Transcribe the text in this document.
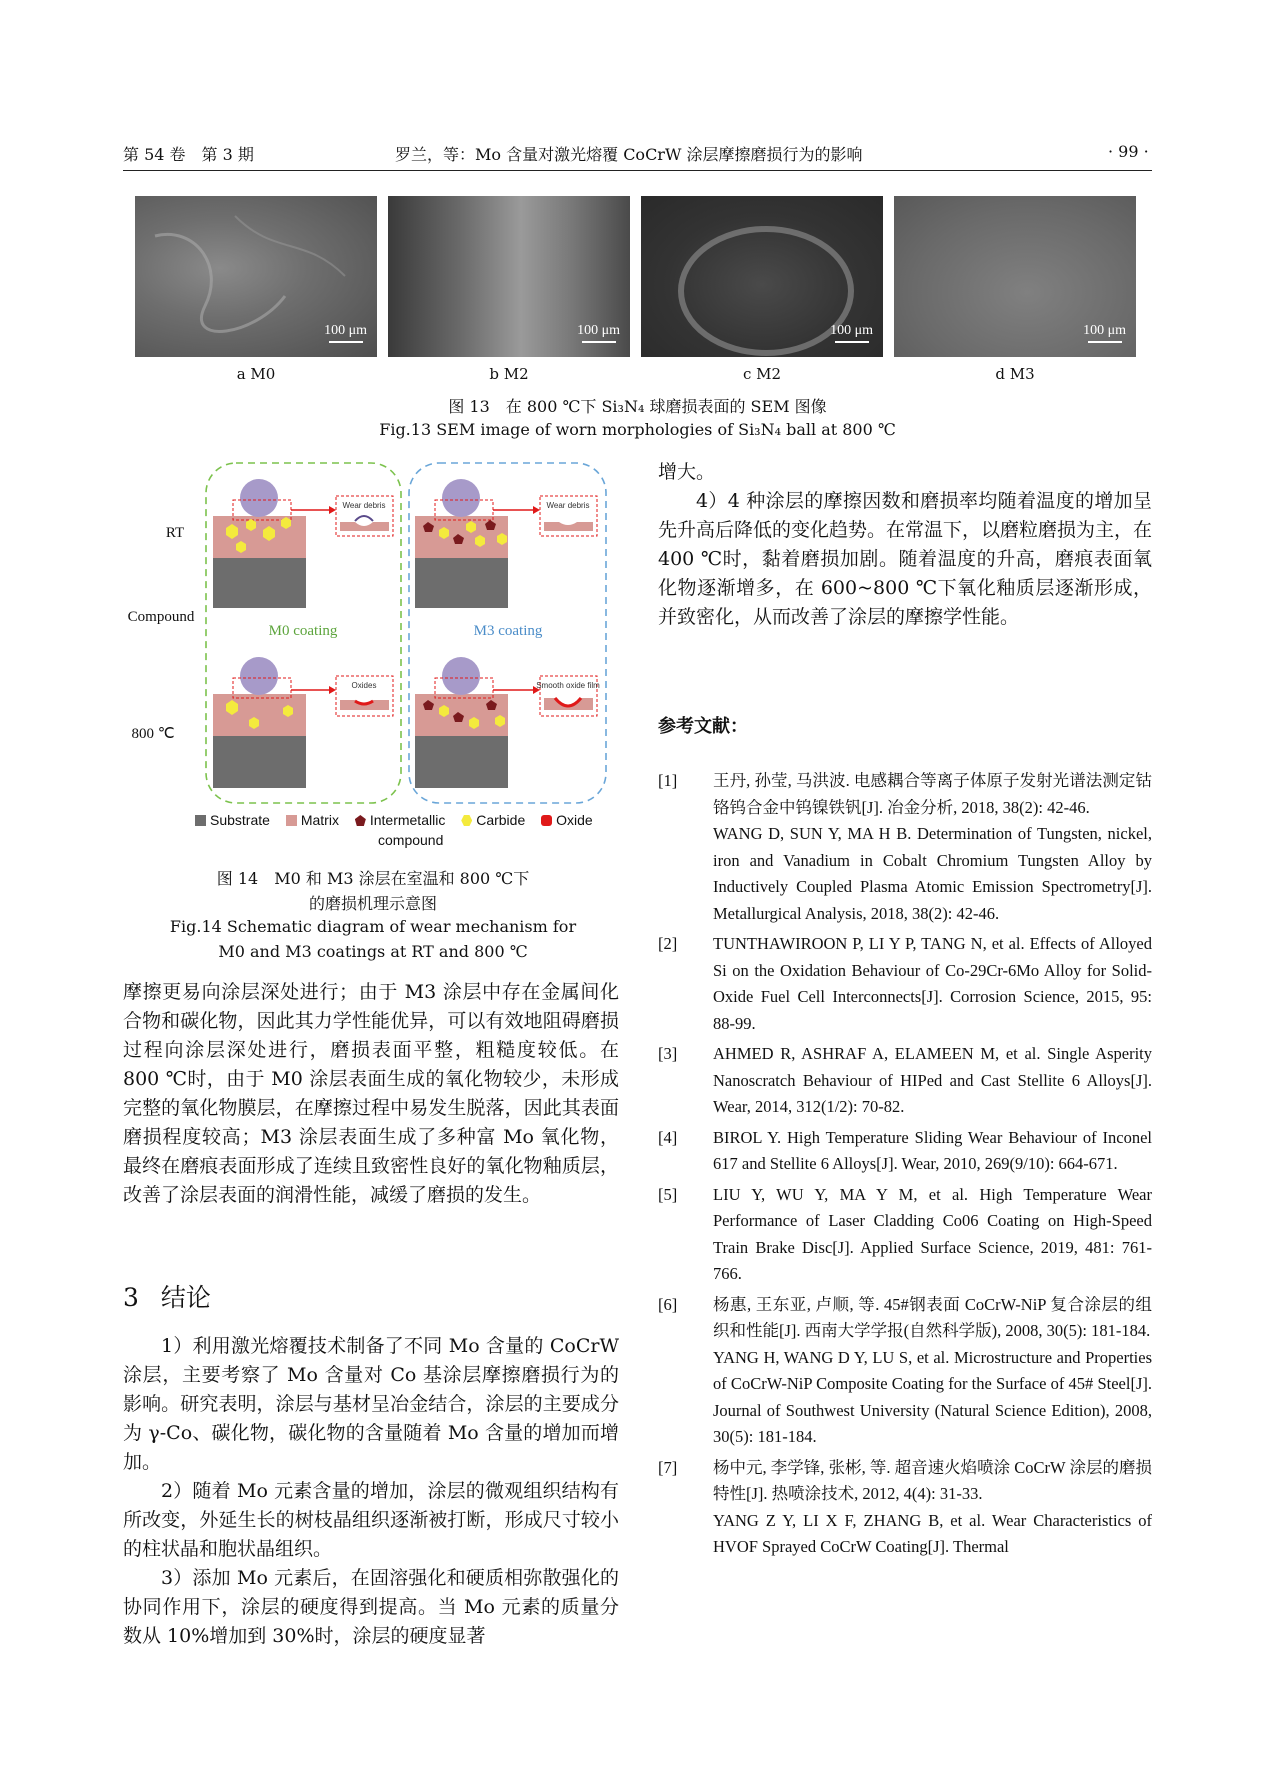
第 54 卷　第 3 期	罗兰，等：Mo 含量对激光熔覆 CoCrW 涂层摩擦磨损行为的影响	· 99 ·
100 μm	100 μm	100 μm	100 μm
a M0	b M2	c M2	d M3
图 13　在 800 ℃下 Si₃N₄ 球磨损表面的 SEM 图像
Fig.13 SEM image of worn morphologies of Si₃N₄ ball at 800 ℃
Wear debris	Wear debris
RT
Compound
800 ℃
M0 coating	M3 coating
Oxides	Smooth oxide film
Substrate Matrix Intermetallic Carbide Oxide
compound
图 14　M0 和 M3 涂层在室温和 800 ℃下
的磨损机理示意图
Fig.14 Schematic diagram of wear mechanism for
M0 and M3 coatings at RT and 800 ℃

摩擦更易向涂层深处进行；由于 M3 涂层中存在金属间化合物和碳化物，因此其力学性能优异，可以有效地阻碍磨损过程向涂层深处进行，磨损表面平整，粗糙度较低。在 800 ℃时，由于 M0 涂层表面生成的氧化物较少，未形成完整的氧化物膜层，在摩擦过程中易发生脱落，因此其表面磨损程度较高；M3 涂层表面生成了多种富 Mo 氧化物，最终在磨痕表面形成了连续且致密性良好的氧化物釉质层，改善了涂层表面的润滑性能，减缓了磨损的发生。

3 结论

1）利用激光熔覆技术制备了不同 Mo 含量的 CoCrW 涂层，主要考察了 Mo 含量对 Co 基涂层摩擦磨损行为的影响。研究表明，涂层与基材呈冶金结合，涂层的主要成分为 γ-Co、碳化物，碳化物的含量随着 Mo 含量的增加而增加。

2）随着 Mo 元素含量的增加，涂层的微观组织结构有所改变，外延生长的树枝晶组织逐渐被打断，形成尺寸较小的柱状晶和胞状晶组织。

3）添加 Mo 元素后，在固溶强化和硬质相弥散强化的协同作用下，涂层的硬度得到提高。当 Mo 元素的质量分数从 10%增加到 30%时，涂层的硬度显著

增大。

4）4 种涂层的摩擦因数和磨损率均随着温度的增加呈先升高后降低的变化趋势。在常温下，以磨粒磨损为主，在 400 ℃时，黏着磨损加剧。随着温度的升高，磨痕表面氧化物逐渐增多，在 600~800 ℃下氧化釉质层逐渐形成，并致密化，从而改善了涂层的摩擦学性能。

参考文献：
[1] 王丹, 孙莹, 马洪波. 电感耦合等离子体原子发射光谱法测定钴铬钨合金中钨镍铁钒[J]. 冶金分析, 2018, 38(2): 42-46.
WANG D, SUN Y, MA H B. Determination of Tungsten, nickel, iron and Vanadium in Cobalt Chromium Tungsten Alloy by Inductively Coupled Plasma Atomic Emission Spectrometry[J]. Metallurgical Analysis, 2018, 38(2): 42-46.
[2] TUNTHAWIROON P, LI Y P, TANG N, et al. Effects of Alloyed Si on the Oxidation Behaviour of Co-29Cr-6Mo Alloy for Solid-Oxide Fuel Cell Interconnects[J]. Corrosion Science, 2015, 95: 88-99.
[3] AHMED R, ASHRAF A, ELAMEEN M, et al. Single Asperity Nanoscratch Behaviour of HIPed and Cast Stellite 6 Alloys[J]. Wear, 2014, 312(1/2): 70-82.
[4] BIROL Y. High Temperature Sliding Wear Behaviour of Inconel 617 and Stellite 6 Alloys[J]. Wear, 2010, 269(9/10): 664-671.
[5] LIU Y, WU Y, MA Y M, et al. High Temperature Wear Performance of Laser Cladding Co06 Coating on High-Speed Train Brake Disc[J]. Applied Surface Science, 2019, 481: 761-766.
[6] 杨惠, 王东亚, 卢顺, 等. 45#钢表面 CoCrW-NiP 复合涂层的组织和性能[J]. 西南大学学报(自然科学版), 2008, 30(5): 181-184.
YANG H, WANG D Y, LU S, et al. Microstructure and Properties of CoCrW-NiP Composite Coating for the Surface of 45# Steel[J]. Journal of Southwest University (Natural Science Edition), 2008, 30(5): 181-184.
[7] 杨中元, 李学锋, 张彬, 等. 超音速火焰喷涂 CoCrW 涂层的磨损特性[J]. 热喷涂技术, 2012, 4(4): 31-33.
YANG Z Y, LI X F, ZHANG B, et al. Wear Characteristics of HVOF Sprayed CoCrW Coating[J]. Thermal
